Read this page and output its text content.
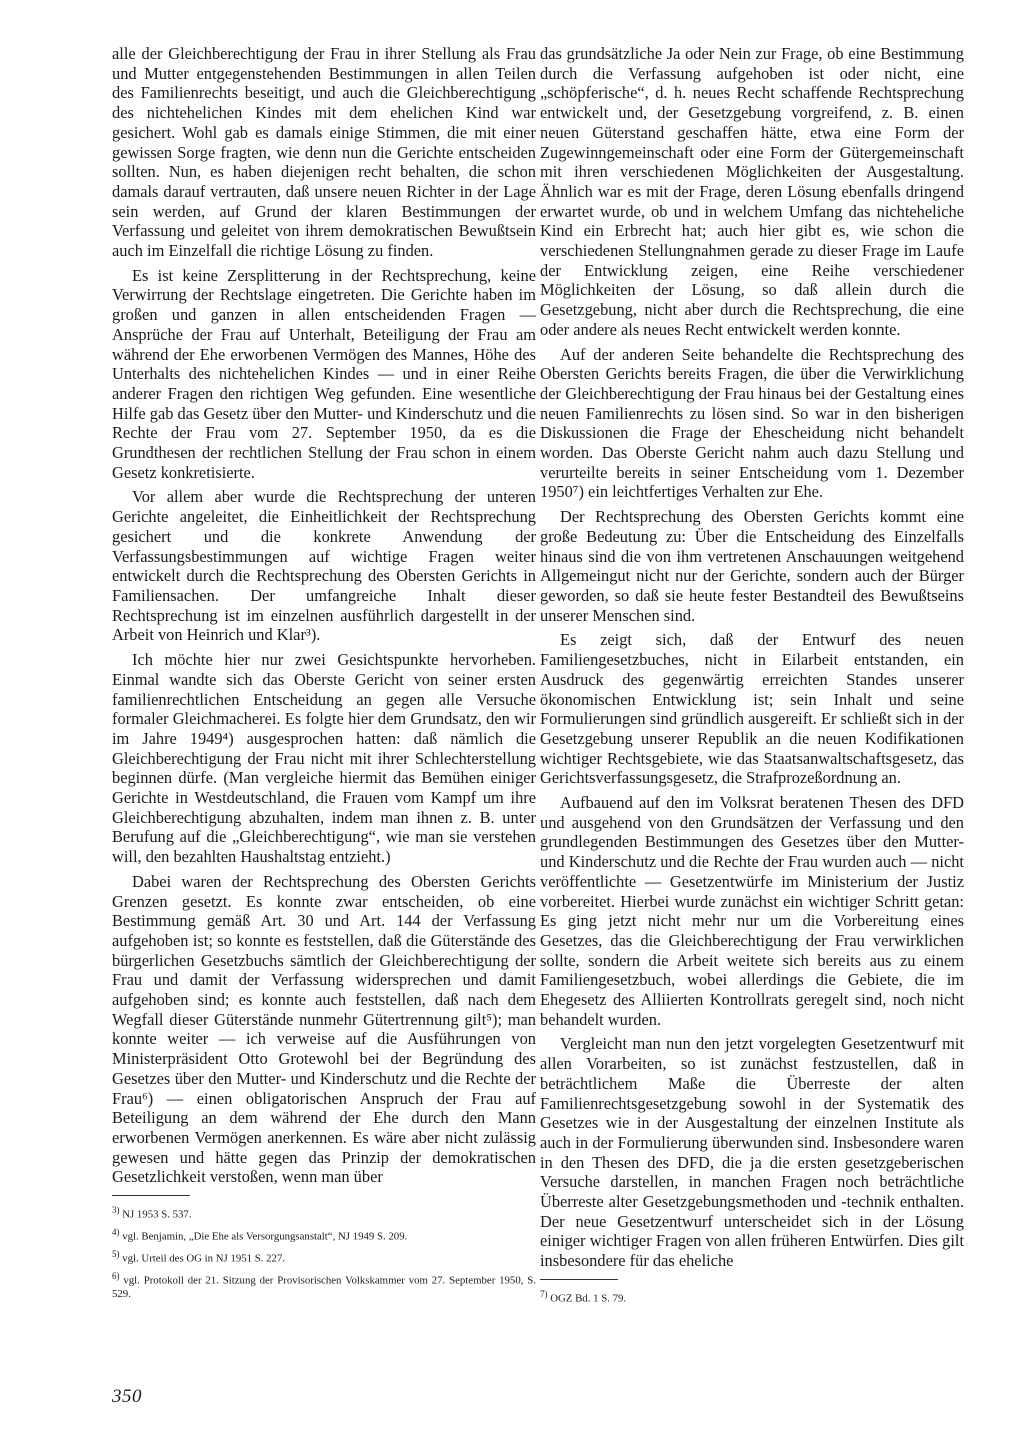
alle der Gleichberechtigung der Frau in ihrer Stellung als Frau und Mutter entgegenstehenden Bestimmungen in allen Teilen des Familienrechts beseitigt, und auch die Gleichberechtigung des nichtehelichen Kindes mit dem ehelichen Kind war gesichert. Wohl gab es damals einige Stimmen, die mit einer gewissen Sorge fragten, wie denn nun die Gerichte entscheiden sollten. Nun, es haben diejenigen recht behalten, die schon damals darauf vertrauten, daß unsere neuen Richter in der Lage sein werden, auf Grund der klaren Bestimmungen der Verfassung und geleitet von ihrem demokratischen Bewußtsein auch im Einzelfall die richtige Lösung zu finden.

Es ist keine Zersplitterung in der Rechtsprechung, keine Verwirrung der Rechtslage eingetreten. Die Gerichte haben im großen und ganzen in allen entscheidenden Fragen — Ansprüche der Frau auf Unterhalt, Beteiligung der Frau am während der Ehe erworbenen Vermögen des Mannes, Höhe des Unterhalts des nichtehelichen Kindes — und in einer Reihe anderer Fragen den richtigen Weg gefunden. Eine wesentliche Hilfe gab das Gesetz über den Mutter- und Kinderschutz und die Rechte der Frau vom 27. September 1950, da es die Grundthesen der rechtlichen Stellung der Frau schon in einem Gesetz konkretisierte.

Vor allem aber wurde die Rechtsprechung der unteren Gerichte angeleitet, die Einheitlichkeit der Rechtsprechung gesichert und die konkrete Anwendung der Verfassungsbestimmungen auf wichtige Fragen weiter entwickelt durch die Rechtsprechung des Obersten Gerichts in Familiensachen. Der umfangreiche Inhalt dieser Rechtsprechung ist im einzelnen ausführlich dargestellt in der Arbeit von Heinrich und Klar³).

Ich möchte hier nur zwei Gesichtspunkte hervorheben. Einmal wandte sich das Oberste Gericht von seiner ersten familienrechtlichen Entscheidung an gegen alle Versuche formaler Gleichmacherei. Es folgte hier dem Grundsatz, den wir im Jahre 1949⁴) ausgesprochen hatten: daß nämlich die Gleichberechtigung der Frau nicht mit ihrer Schlechterstellung beginnen dürfe. (Man vergleiche hiermit das Bemühen einiger Gerichte in Westdeutschland, die Frauen vom Kampf um ihre Gleichberechtigung abzuhalten, indem man ihnen z. B. unter Berufung auf die „Gleichberechtigung“, wie man sie verstehen will, den bezahlten Haushaltstag entzieht.)

Dabei waren der Rechtsprechung des Obersten Gerichts Grenzen gesetzt. Es konnte zwar entscheiden, ob eine Bestimmung gemäß Art. 30 und Art. 144 der Verfassung aufgehoben ist; so konnte es feststellen, daß die Güterstände des bürgerlichen Gesetzbuchs sämtlich der Gleichberechtigung der Frau und damit der Verfassung widersprechen und damit aufgehoben sind; es konnte auch feststellen, daß nach dem Wegfall dieser Güterstände nunmehr Gütertrennung gilt⁵); man konnte weiter — ich verweise auf die Ausführungen von Ministerpräsident Otto Grotewohl bei der Begründung des Gesetzes über den Mutter- und Kinderschutz und die Rechte der Frau⁶) — einen obligatorischen Anspruch der Frau auf Beteiligung an dem während der Ehe durch den Mann erworbenen Vermögen anerkennen. Es wäre aber nicht zulässig gewesen und hätte gegen das Prinzip der demokratischen Gesetzlichkeit verstoßen, wenn man über

$^{3)}$ NJ 1953 S. 537.
$^{4)}$ vgl. Benjamin, „Die Ehe als Versorgungsanstalt“, NJ 1949 S. 209.
$^{5)}$ vgl. Urteil des OG in NJ 1951 S. 227.
$^{6)}$ vgl. Protokoll der 21. Sitzung der Provisorischen Volkskammer vom 27. September 1950, S. 529.

das grundsätzliche Ja oder Nein zur Frage, ob eine Bestimmung durch die Verfassung aufgehoben ist oder nicht, eine „schöpferische“, d. h. neues Recht schaffende Rechtsprechung entwickelt und, der Gesetzgebung vorgreifend, z. B. einen neuen Güterstand geschaffen hätte, etwa eine Form der Zugewinngemeinschaft oder eine Form der Gütergemeinschaft mit ihren verschiedenen Möglichkeiten der Ausgestaltung. Ähnlich war es mit der Frage, deren Lösung ebenfalls dringend erwartet wurde, ob und in welchem Umfang das nichteheliche Kind ein Erbrecht hat; auch hier gibt es, wie schon die verschiedenen Stellungnahmen gerade zu dieser Frage im Laufe der Entwicklung zeigen, eine Reihe verschiedener Möglichkeiten der Lösung, so daß allein durch die Gesetzgebung, nicht aber durch die Rechtsprechung, die eine oder andere als neues Recht entwickelt werden konnte.

Auf der anderen Seite behandelte die Rechtsprechung des Obersten Gerichts bereits Fragen, die über die Verwirklichung der Gleichberechtigung der Frau hinaus bei der Gestaltung eines neuen Familienrechts zu lösen sind. So war in den bisherigen Diskussionen die Frage der Ehescheidung nicht behandelt worden. Das Oberste Gericht nahm auch dazu Stellung und verurteilte bereits in seiner Entscheidung vom 1. Dezember 1950⁷) ein leichtfertiges Verhalten zur Ehe.

Der Rechtsprechung des Obersten Gerichts kommt eine große Bedeutung zu: Über die Entscheidung des Einzelfalls hinaus sind die von ihm vertretenen Anschauungen weitgehend Allgemeingut nicht nur der Gerichte, sondern auch der Bürger geworden, so daß sie heute fester Bestandteil des Bewußtseins unserer Menschen sind.

Es zeigt sich, daß der Entwurf des neuen Familiengesetzbuches, nicht in Eilarbeit entstanden, ein Ausdruck des gegenwärtig erreichten Standes unserer ökonomischen Entwicklung ist; sein Inhalt und seine Formulierungen sind gründlich ausgereift. Er schließt sich in der Gesetzgebung unserer Republik an die neuen Kodifikationen wichtiger Rechtsgebiete, wie das Staatsanwaltschaftsgesetz, das Gerichtsverfassungsgesetz, die Strafprozeßordnung an.

Aufbauend auf den im Volksrat beratenen Thesen des DFD und ausgehend von den Grundsätzen der Verfassung und den grundlegenden Bestimmungen des Gesetzes über den Mutter- und Kinderschutz und die Rechte der Frau wurden auch — nicht veröffentlichte — Gesetzentwürfe im Ministerium der Justiz vorbereitet. Hierbei wurde zunächst ein wichtiger Schritt getan: Es ging jetzt nicht mehr nur um die Vorbereitung eines Gesetzes, das die Gleichberechtigung der Frau verwirklichen sollte, sondern die Arbeit weitete sich bereits aus zu einem Familiengesetzbuch, wobei allerdings die Gebiete, die im Ehegesetz des Alliierten Kontrollrats geregelt sind, noch nicht behandelt wurden.

Vergleicht man nun den jetzt vorgelegten Gesetzentwurf mit allen Vorarbeiten, so ist zunächst festzustellen, daß in beträchtlichem Maße die Überreste der alten Familienrechtsgesetzgebung sowohl in der Systematik des Gesetzes wie in der Ausgestaltung der einzelnen Institute als auch in der Formulierung überwunden sind. Insbesondere waren in den Thesen des DFD, die ja die ersten gesetzgeberischen Versuche darstellen, in manchen Fragen noch beträchtliche Überreste alter Gesetzgebungsmethoden und -technik enthalten. Der neue Gesetzentwurf unterscheidet sich in der Lösung einiger wichtiger Fragen von allen früheren Entwürfen. Dies gilt insbesondere für das eheliche

$^{7)}$ OGZ Bd. 1 S. 79.
350
